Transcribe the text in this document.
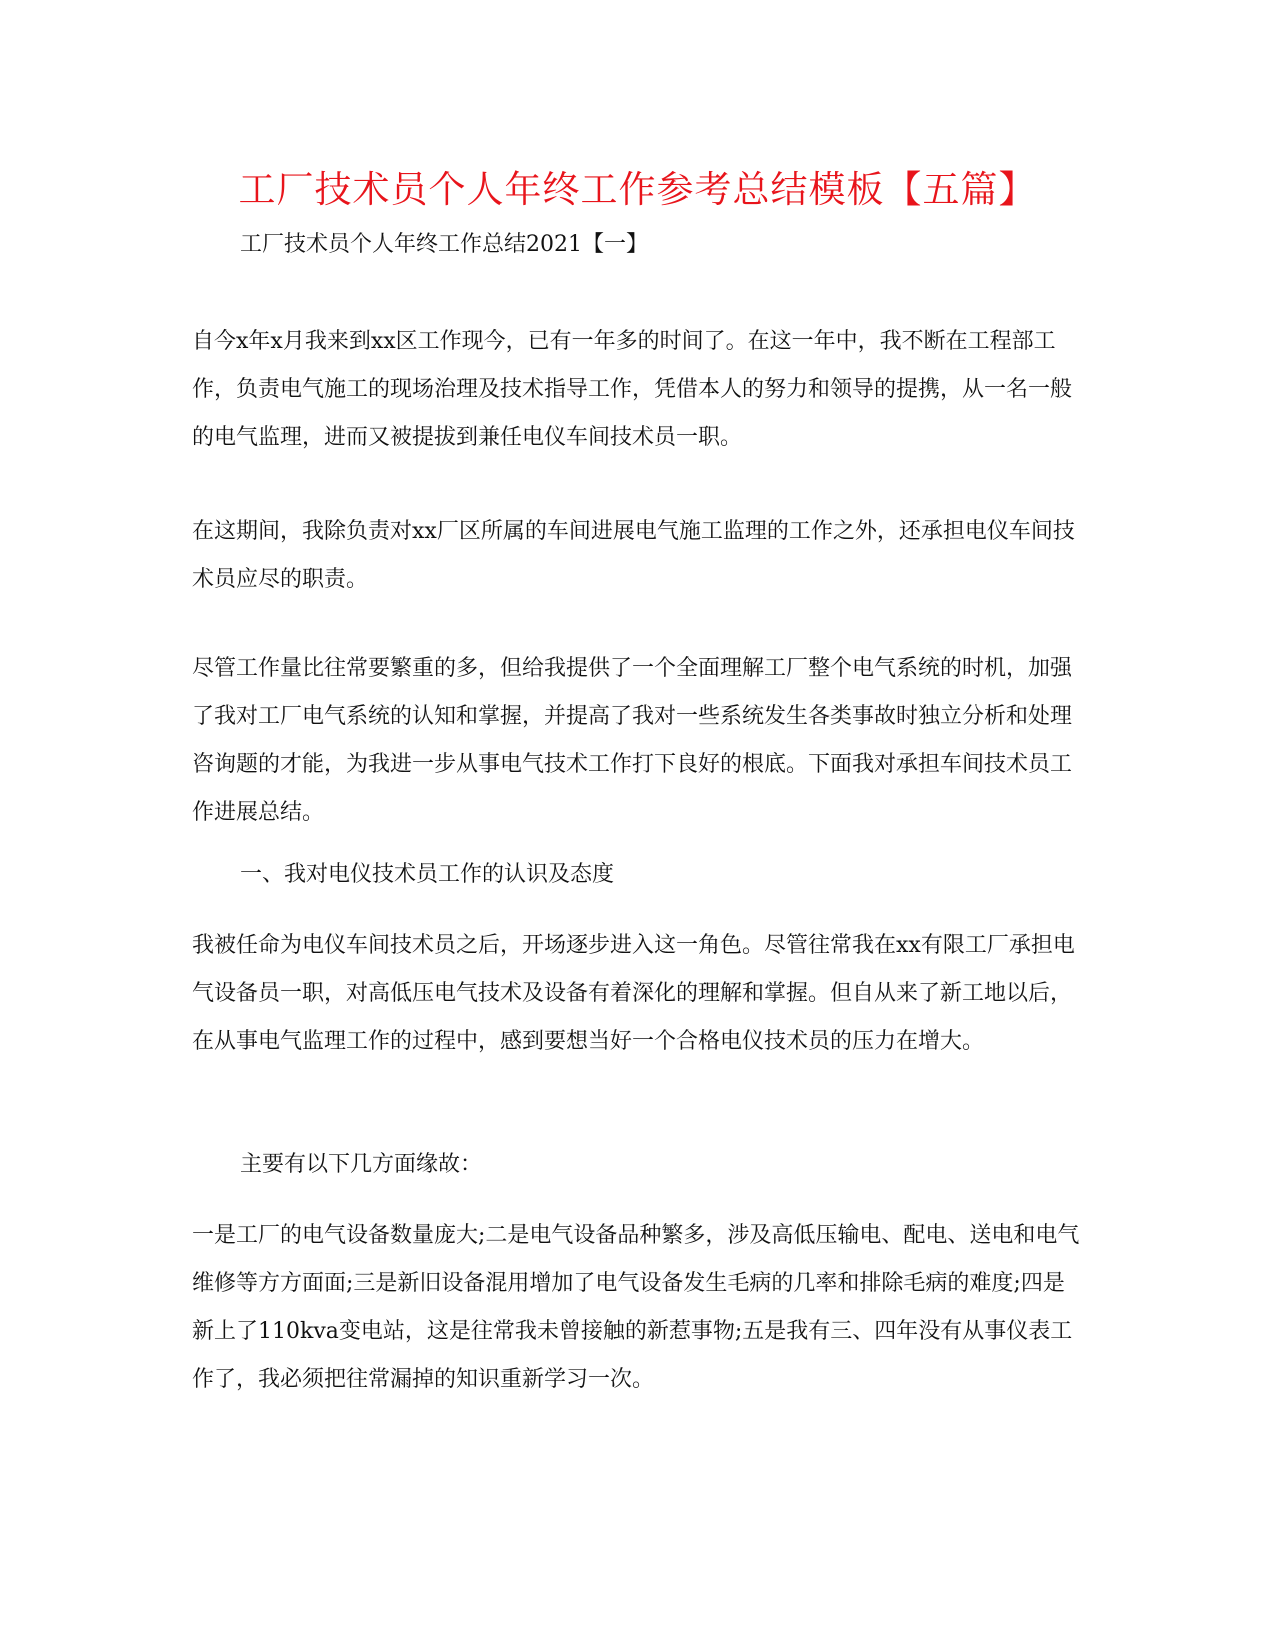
工厂技术员个人年终工作参考总结模板【五篇】
工厂技术员个人年终工作总结2021【一】

自今x年x月我来到xx区工作现今，已有一年多的时间了。在这一年中，我不断在工程部工作，负责电气施工的现场治理及技术指导工作，凭借本人的努力和领导的提携，从一名一般的电气监理，进而又被提拔到兼任电仪车间技术员一职。

在这期间，我除负责对xx厂区所属的车间进展电气施工监理的工作之外，还承担电仪车间技术员应尽的职责。

尽管工作量比往常要繁重的多，但给我提供了一个全面理解工厂整个电气系统的时机，加强了我对工厂电气系统的认知和掌握，并提高了我对一些系统发生各类事故时独立分析和处理咨询题的才能，为我进一步从事电气技术工作打下良好的根底。下面我对承担车间技术员工作进展总结。

一、我对电仪技术员工作的认识及态度

我被任命为电仪车间技术员之后，开场逐步进入这一角色。尽管往常我在xx有限工厂承担电气设备员一职，对高低压电气技术及设备有着深化的理解和掌握。但自从来了新工地以后，在从事电气监理工作的过程中，感到要想当好一个合格电仪技术员的压力在增大。

主要有以下几方面缘故：

一是工厂的电气设备数量庞大;二是电气设备品种繁多，涉及高低压输电、配电、送电和电气维修等方方面面;三是新旧设备混用增加了电气设备发生毛病的几率和排除毛病的难度;四是新上了110kva变电站，这是往常我未曾接触的新惹事物;五是我有三、四年没有从事仪表工作了，我必须把往常漏掉的知识重新学习一次。
